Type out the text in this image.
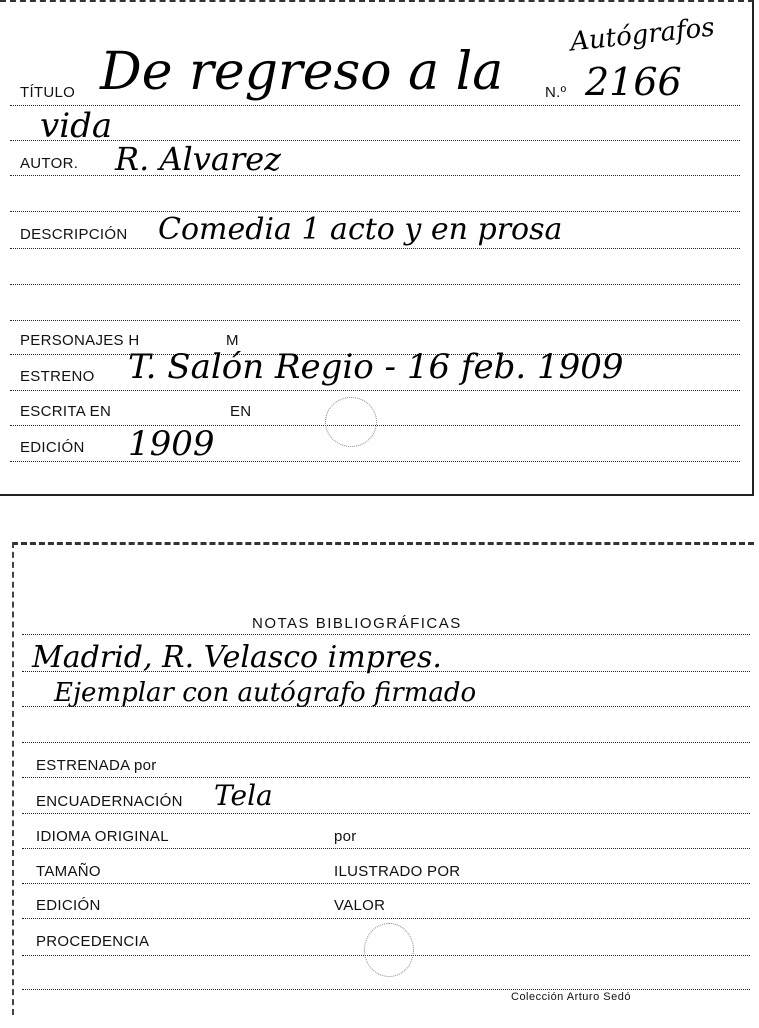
Autógrafos
TÍTULO De regreso a la	N.º 2166
vida
AUTOR. R. Alvarez
DESCRIPCIÓN Comedia 1 acto y en prosa
PERSONAJES H	M
ESTRENO T. Salón Regio - 16 feb. 1909
ESCRITA EN	EN
EDICIÓN 1909
NOTAS BIBLIOGRÁFICAS
Madrid, R. Velasco impres.
Ejemplar con autógrafo firmado
ESTRENADA por
ENCUADERNACIÓN Tela
IDIOMA ORIGINAL	por
TAMAÑO	ILUSTRADO POR
EDICIÓN	VALOR
PROCEDENCIA
Colección Arturo Sedó
